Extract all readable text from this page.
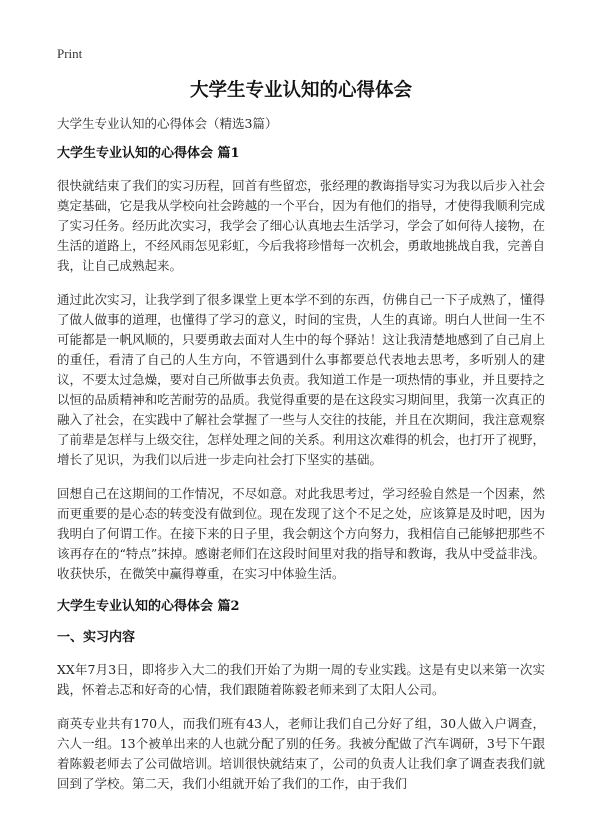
Print
大学生专业认知的心得体会

大学生专业认知的心得体会（精选3篇）

大学生专业认知的心得体会 篇1

很快就结束了我们的实习历程，回首有些留恋，张经理的教诲指导实习为我以后步入社会奠定基础，它是我从学校向社会跨越的一个平台，因为有他们的指导，才使得我顺利完成了实习任务。经历此次实习，我学会了细心认真地去生活学习，学会了如何待人接物，在生活的道路上，不经风雨怎见彩虹，今后我将珍惜每一次机会，勇敢地挑战自我，完善自我，让自己成熟起来。

通过此次实习，让我学到了很多课堂上更本学不到的东西，仿佛自己一下子成熟了，懂得了做人做事的道理，也懂得了学习的意义，时间的宝贵，人生的真谛。明白人世间一生不可能都是一帆风顺的，只要勇敢去面对人生中的每个驿站！这让我清楚地感到了自己肩上的重任，看清了自己的人生方向，不管遇到什么事都要总代表地去思考，多听别人的建议，不要太过急燥，要对自己所做事去负责。我知道工作是一项热情的事业，并且要持之以恒的品质精神和吃苦耐劳的品质。我觉得重要的是在这段实习期间里，我第一次真正的融入了社会，在实践中了解社会掌握了一些与人交往的技能，并且在次期间，我注意观察了前辈是怎样与上级交往，怎样处理之间的关系。利用这次难得的机会，也打开了视野，增长了见识，为我们以后进一步走向社会打下坚实的基础。

回想自己在这期间的工作情况，不尽如意。对此我思考过，学习经验自然是一个因素，然而更重要的是心态的转变没有做到位。现在发现了这个不足之处，应该算是及时吧，因为我明白了何谓工作。在接下来的日子里，我会朝这个方向努力，我相信自己能够把那些不该再存在的“特点”抹掉。感谢老师们在这段时间里对我的指导和教诲，我从中受益非浅。收获快乐，在微笑中赢得尊重，在实习中体验生活。

大学生专业认知的心得体会 篇2
一、实习内容

XX年7月3日，即将步入大二的我们开始了为期一周的专业实践。这是有史以来第一次实践，怀着忐忑和好奇的心情，我们跟随着陈毅老师来到了太阳人公司。

商英专业共有170人，而我们班有43人，老师让我们自己分好了组，30人做入户调查，六人一组。13个被单出来的人也就分配了别的任务。我被分配做了汽车调研，3号下午跟着陈毅老师去了公司做培训。培训很快就结束了，公司的负责人让我们拿了调查表我们就回到了学校。第二天，我们小组就开始了我们的工作，由于我们
